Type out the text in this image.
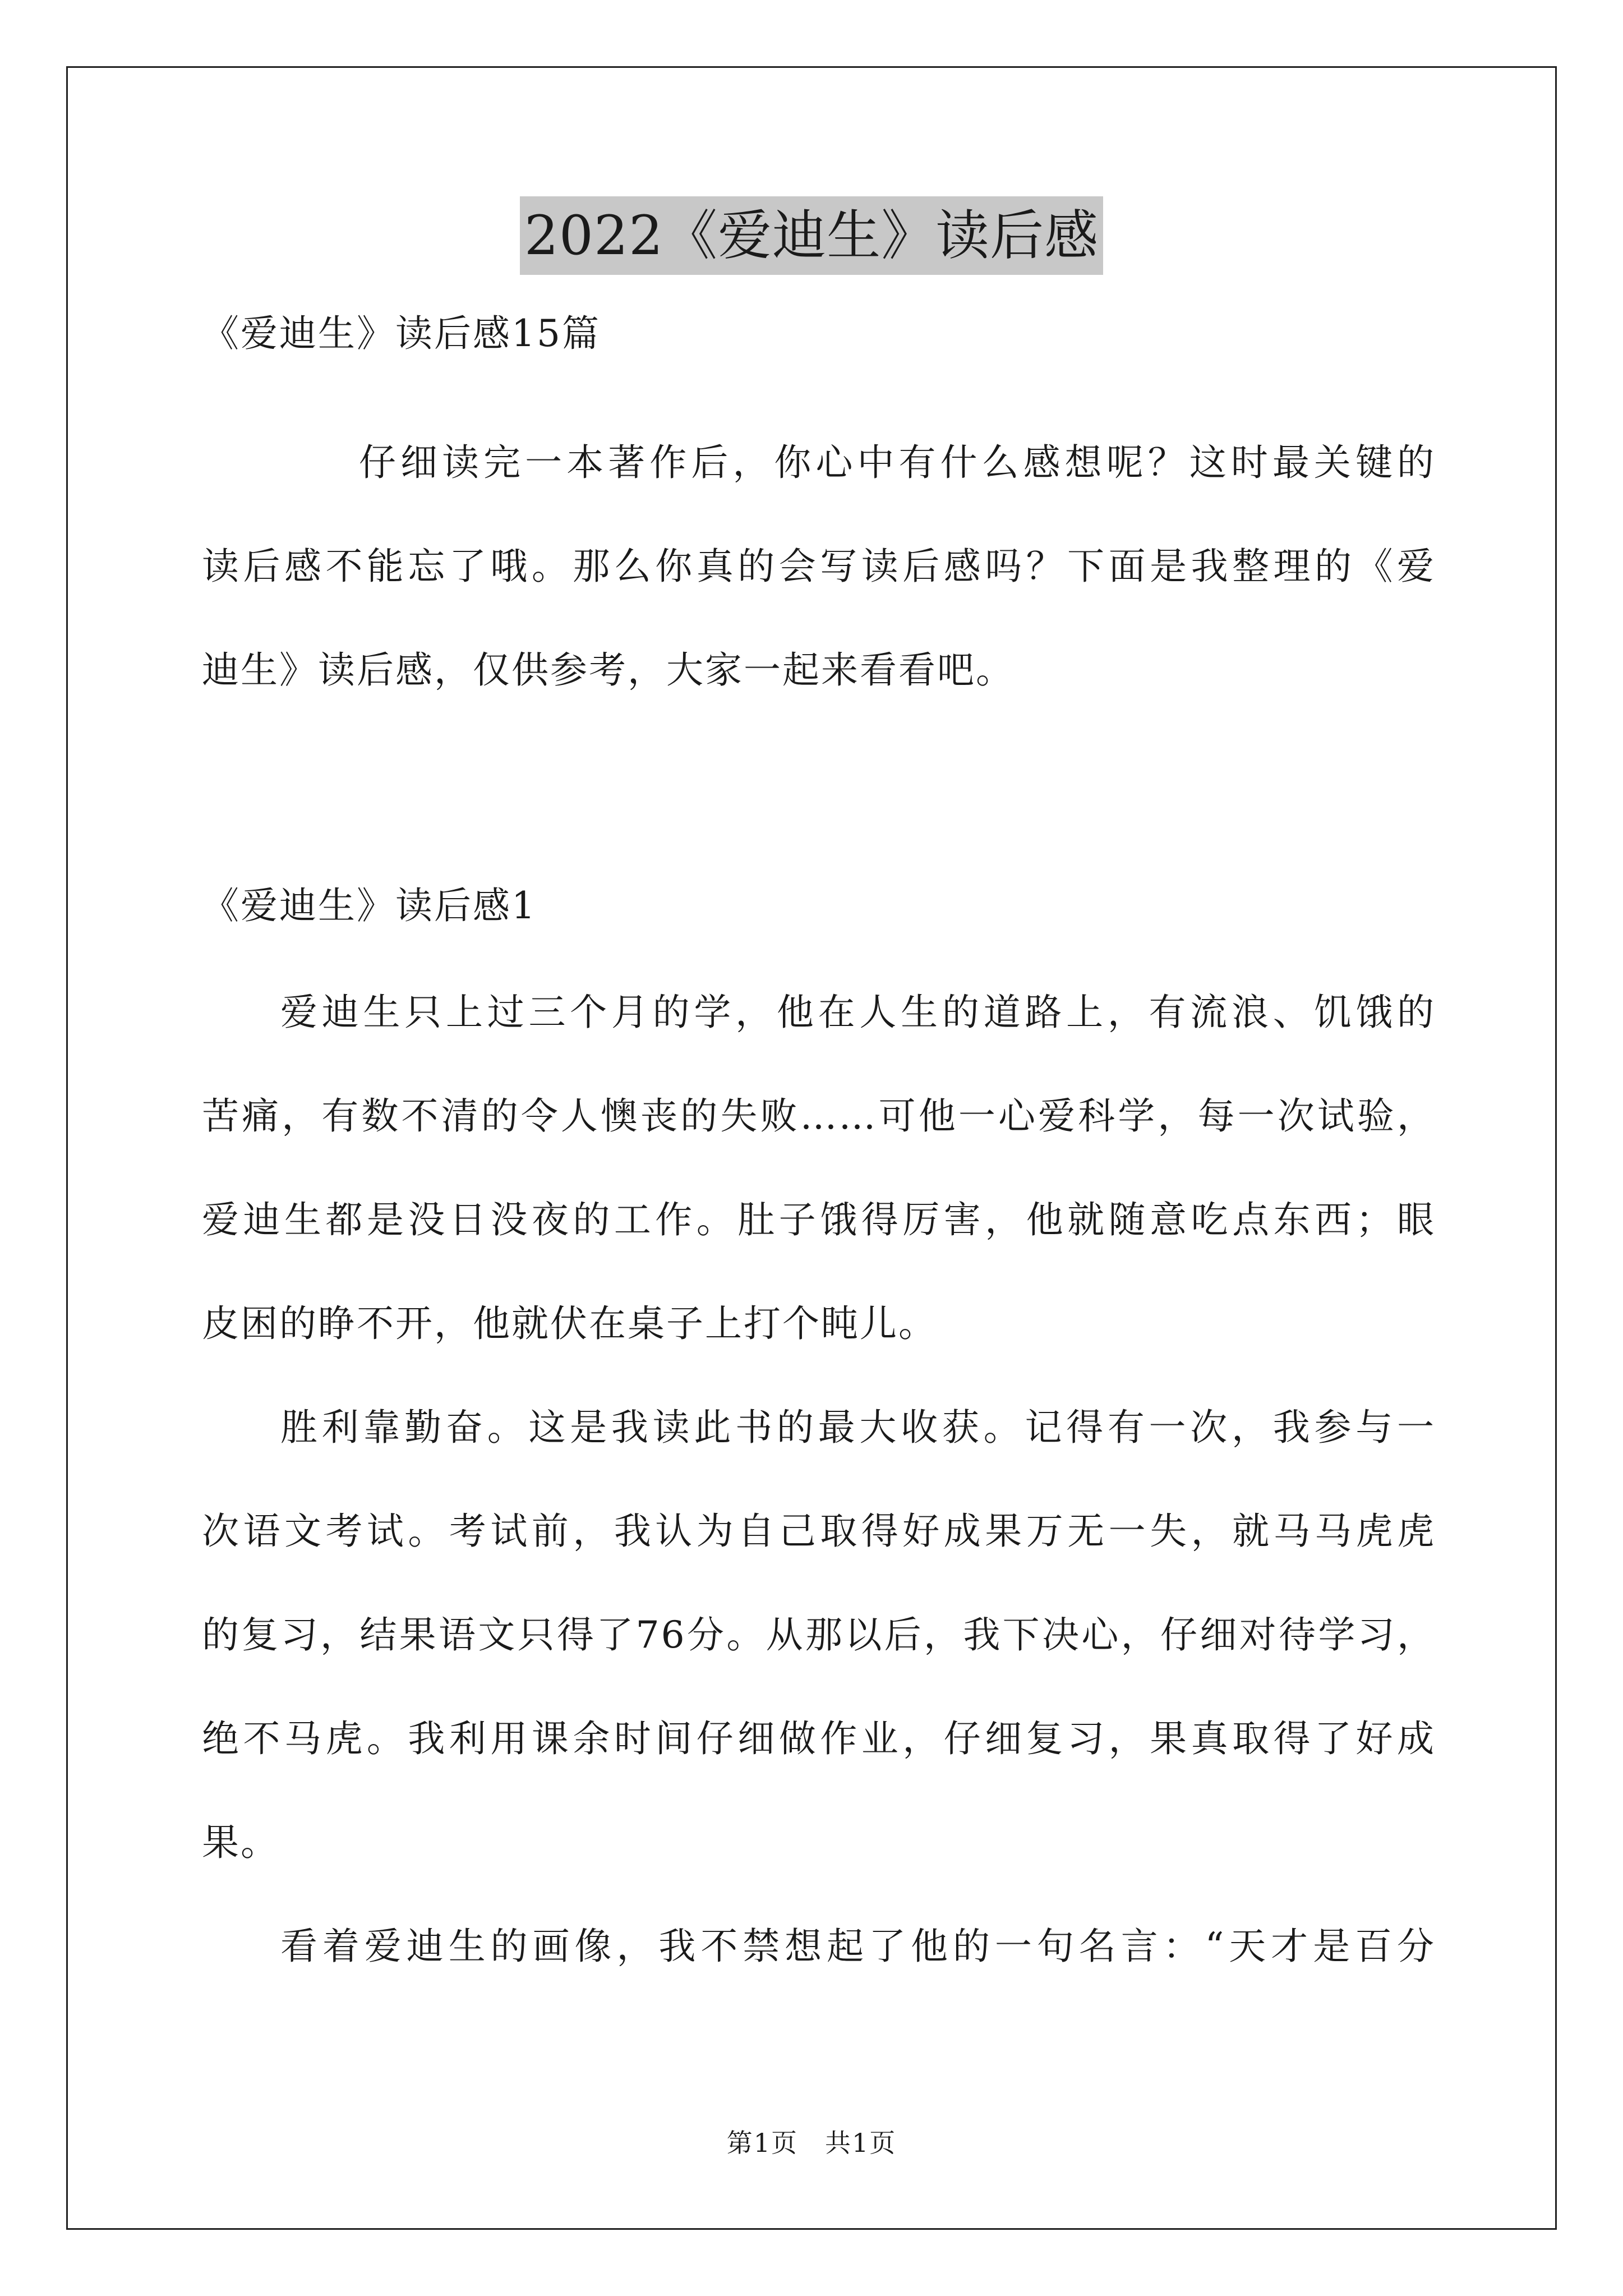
2022《爱迪生》读后感
《爱迪生》读后感15篇
仔细读完一本著作后，你心中有什么感想呢？这时最关键的
读后感不能忘了哦。那么你真的会写读后感吗？下面是我整理的《爱
迪生》读后感，仅供参考，大家一起来看看吧。
《爱迪生》读后感1
爱迪生只上过三个月的学，他在人生的道路上，有流浪、饥饿的
苦痛，有数不清的令人懊丧的失败……可他一心爱科学，每一次试验，
爱迪生都是没日没夜的工作。肚子饿得厉害，他就随意吃点东西；眼
皮困的睁不开，他就伏在桌子上打个盹儿。
胜利靠勤奋。这是我读此书的最大收获。记得有一次，我参与一
次语文考试。考试前，我认为自己取得好成果万无一失，就马马虎虎
的复习，结果语文只得了76分。从那以后，我下决心，仔细对待学习，
绝不马虎。我利用课余时间仔细做作业，仔细复习，果真取得了好成
果。
看着爱迪生的画像，我不禁想起了他的一句名言：“天才是百分
第1页 共1页
